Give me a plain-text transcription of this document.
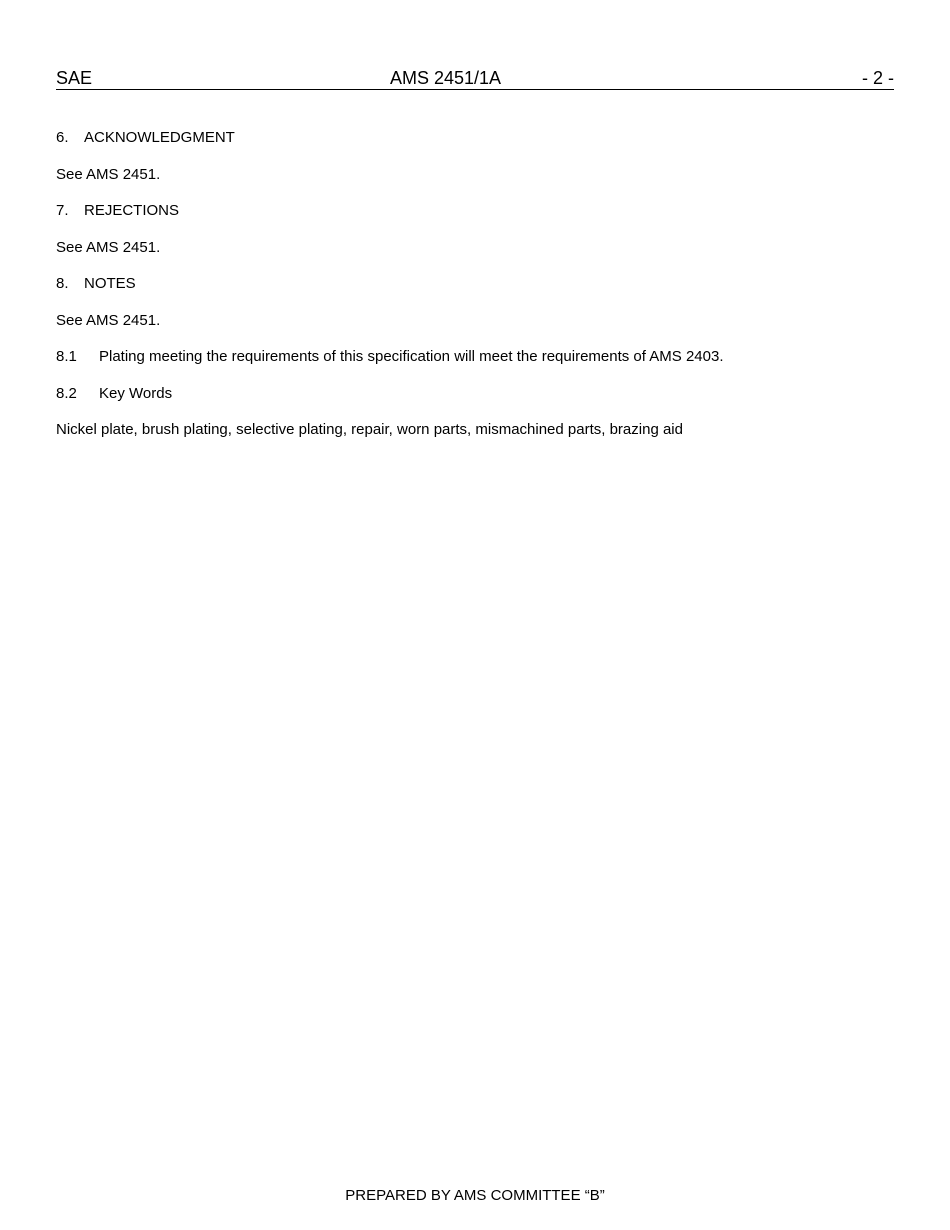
SAE	AMS 2451/1A	- 2 -
6. ACKNOWLEDGMENT
See AMS 2451.
7. REJECTIONS
See AMS 2451.
8. NOTES
See AMS 2451.
8.1 Plating meeting the requirements of this specification will meet the requirements of AMS 2403.
8.2 Key Words
Nickel plate, brush plating, selective plating, repair, worn parts, mismachined parts, brazing aid
PREPARED BY AMS COMMITTEE “B”
